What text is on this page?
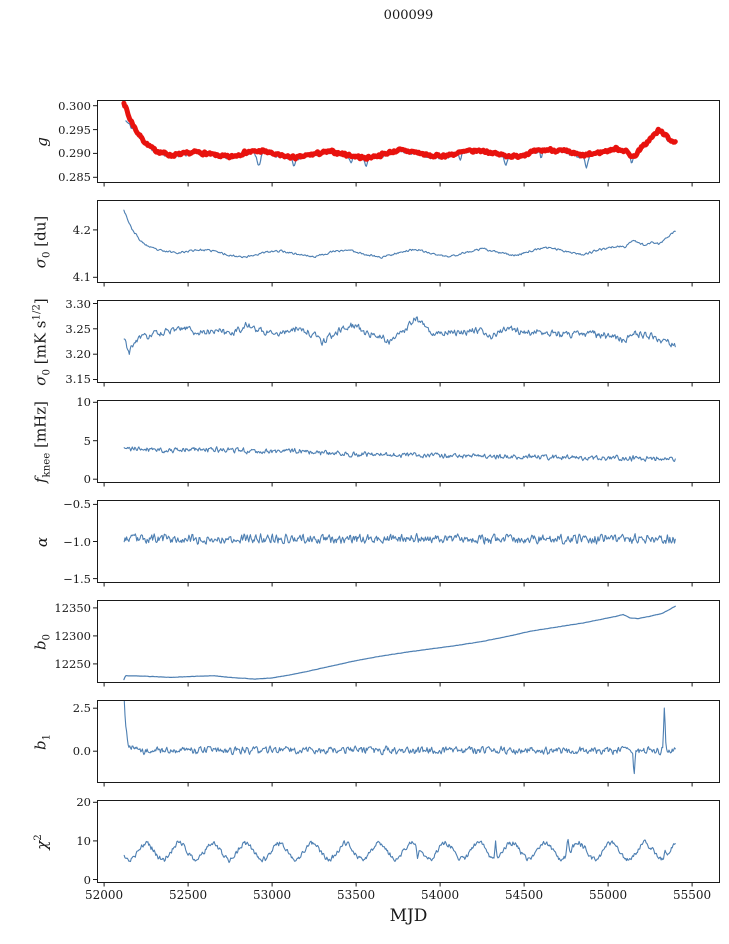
000099
0.285
0.290
0.295
0.300
g
4.1
4.2
$\sigma_0$ [du]
3.15
3.20
3.25
3.30
$\sigma_0$ [mK $s^{1/2}$]
0
5
10
$f_{knee}$ [mHz]
−1.5
−1.0
−0.5
α
12250
12300
12350
$b_0$
0.0
2.5
$b_1$
0
10
20
$\chi^2$
52000	52500	53000	53500	54000	54500	55000	55500
MJD
